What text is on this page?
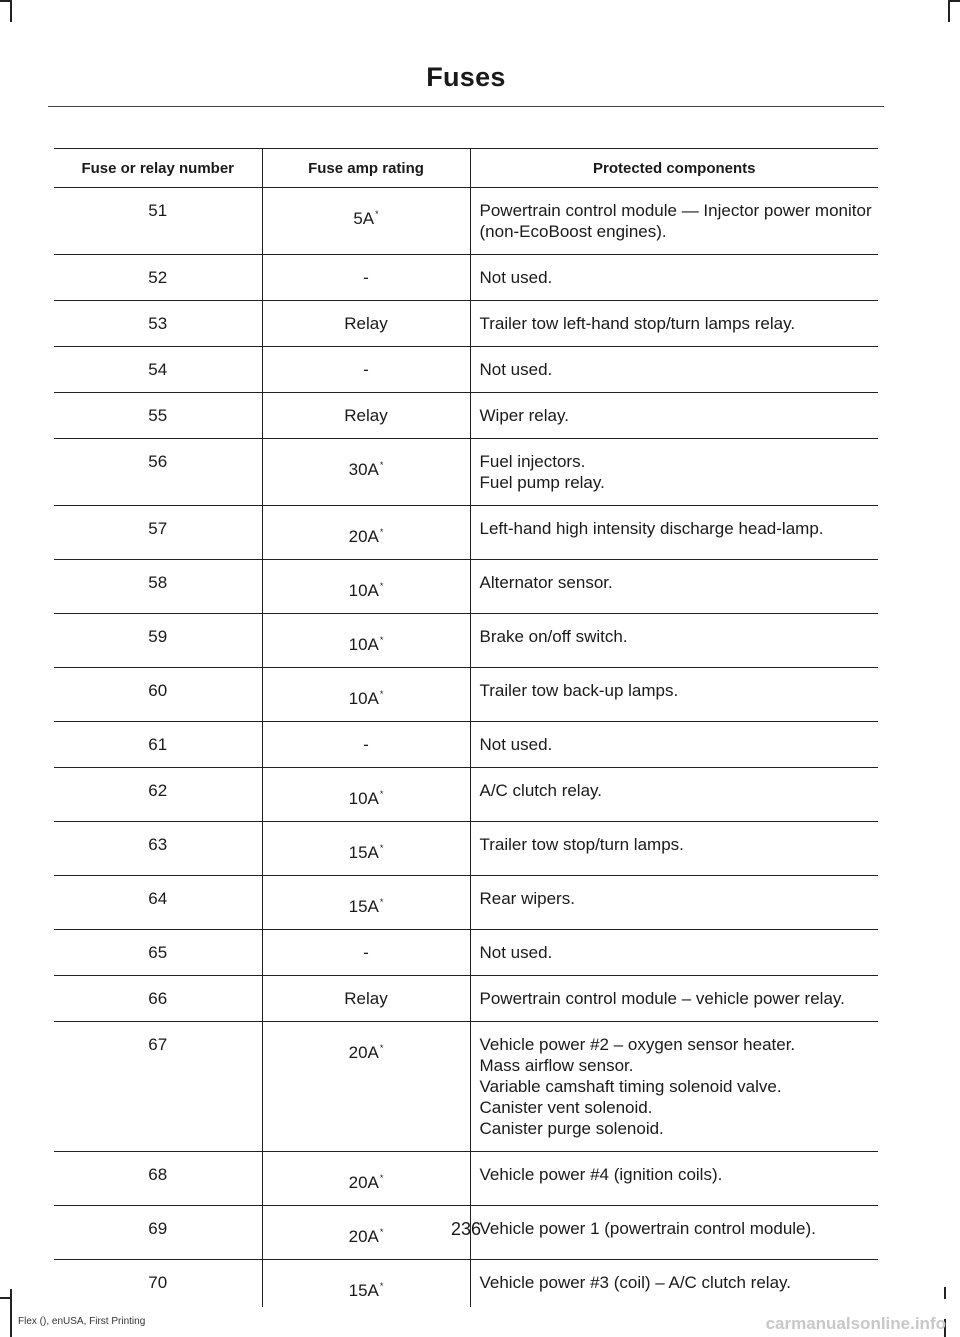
Fuses
Fuse or relay number	Fuse amp rating	Protected components
51	5A*	Powertrain control module — Injector power monitor (non-EcoBoost engines).

52	-	Not used.

53	Relay	Trailer tow left-hand stop/turn lamps relay.

54	-	Not used.

55	Relay	Wiper relay.

56	30A*	Fuel injectors.
Fuel pump relay.

57	20A*	Left-hand high intensity discharge head-lamp.

58	10A*	Alternator sensor.

59	10A*	Brake on/off switch.

60	10A*	Trailer tow back-up lamps.

61	-	Not used.

62	10A*	A/C clutch relay.

63	15A*	Trailer tow stop/turn lamps.

64	15A*	Rear wipers.

65	-	Not used.

66	Relay	Powertrain control module – vehicle power relay.

67	20A*	Vehicle power #2 – oxygen sensor heater.
Mass airflow sensor.
Variable camshaft timing solenoid valve.
Canister vent solenoid.
Canister purge solenoid.

68	20A*	Vehicle power #4 (ignition coils).

69	20A*	Vehicle power 1 (powertrain control module).

70	15A*	Vehicle power #3 (coil) – A/C clutch relay.
236
Flex (), enUSA, First Printing	carmanualsonline.info
